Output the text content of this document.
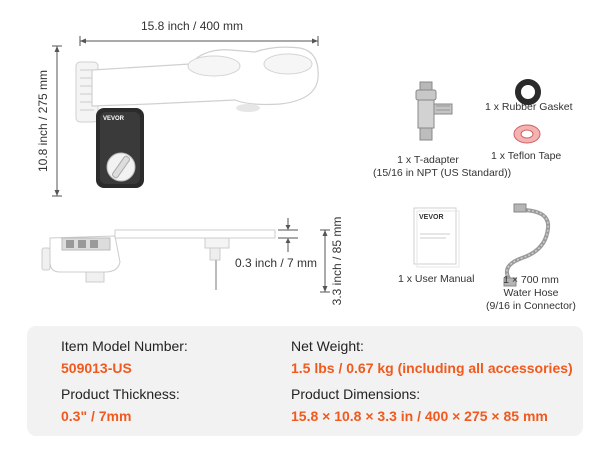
15.8 inch / 400 mm
10.8 inch / 275 mm
0.3 inch / 7 mm 3.3 inch / 85 mm
VEVOR
1 x Rubber Gasket
1 x T-adapter
(15/16 in NPT (US Standard))
1 x Teflon Tape
VEVOR
1 x User Manual	1 × 700 mm
Water Hose
(9/16 in Connector)
Item Model Number:
509013-US
Product Thickness:
0.3" / 7mm
Net Weight:
1.5 lbs / 0.67 kg (including all accessories)
Product Dimensions:
15.8 × 10.8 × 3.3 in / 400 × 275 × 85 mm
